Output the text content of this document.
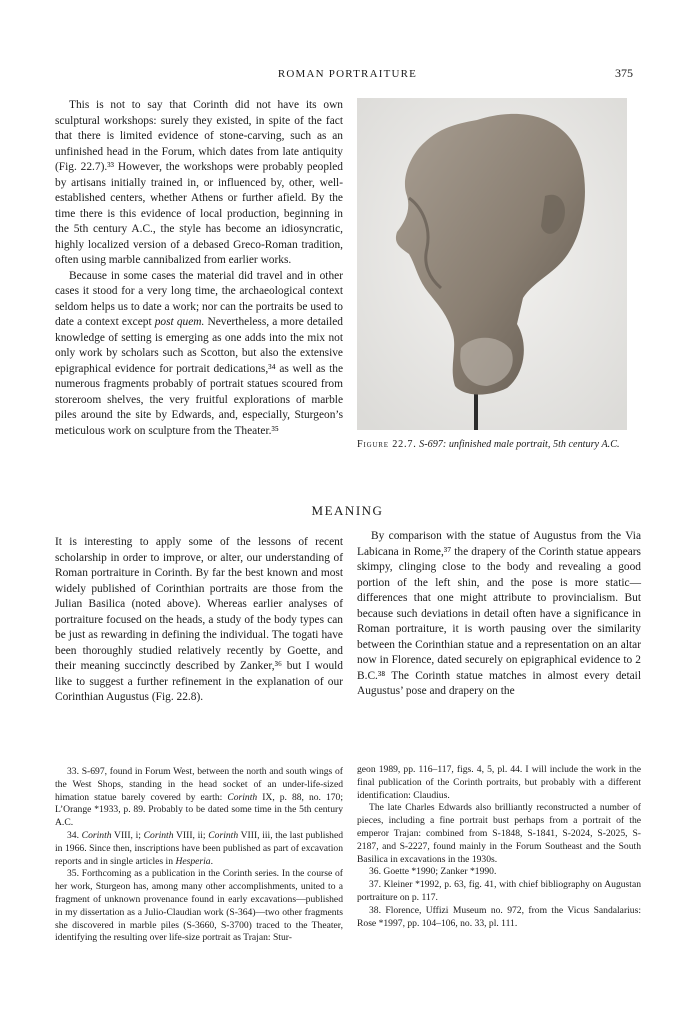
ROMAN PORTRAITURE	375

This is not to say that Corinth did not have its own sculptural workshops: surely they existed, in spite of the fact that there is limited evidence of stone-carving, such as an unfinished head in the Forum, which dates from late antiquity (Fig. 22.7).³³ However, the workshops were probably peopled by artisans initially trained in, or influenced by, other, well-established centers, whether Athens or further afield. By the time there is this evidence of local production, beginning in the 5th century A.C., the style has become an idiosyncratic, highly localized version of a debased Greco-Roman tradition, often using marble cannibalized from earlier works.

Because in some cases the material did travel and in other cases it stood for a very long time, the archaeological context seldom helps us to date a work; nor can the portraits be used to date a context except post quem. Nevertheless, a more detailed knowledge of setting is emerging as one adds into the mix not only work by scholars such as Scotton, but also the extensive epigraphical evidence for portrait dedications,³⁴ as well as the numerous fragments probably of portrait statues scoured from storeroom shelves, the very fruitful explorations of marble piles around the site by Edwards, and, especially, Sturgeon’s meticulous work on sculpture from the Theater.³⁵

Figure 22.7. S-697: unfinished male portrait, 5th century A.C.
MEANING

It is interesting to apply some of the lessons of recent scholarship in order to improve, or alter, our understanding of Roman portraiture in Corinth. By far the best known and most widely published of Corinthian portraits are those from the Julian Basilica (noted above). Whereas earlier analyses of portraiture focused on the heads, a study of the body types can be just as rewarding in defining the individual. The togati have been thoroughly studied relatively recently by Goette, and their meaning succinctly described by Zanker,³⁶ but I would like to suggest a further refinement in the explanation of our Corinthian Augustus (Fig. 22.8).

By comparison with the statue of Augustus from the Via Labicana in Rome,³⁷ the drapery of the Corinth statue appears skimpy, clinging close to the body and revealing a good portion of the left shin, and the pose is more static—differences that one might attribute to provincialism. But because such deviations in detail often have a significance in Roman portraiture, it is worth pausing over the similarity between the Corinthian statue and a representation on an altar now in Florence, dated securely on epigraphical evidence to 2 B.C.³⁸ The Corinth statue matches in almost every detail Augustus’ pose and drapery on the

33. S-697, found in Forum West, between the north and south wings of the West Shops, standing in the head socket of an under-life-sized himation statue barely covered by earth: Corinth IX, p. 88, no. 170; L’Orange *1933, p. 89. Probably to be dated some time in the 5th century A.C.

34. Corinth VIII, i; Corinth VIII, ii; Corinth VIII, iii, the last published in 1966. Since then, inscriptions have been published as part of excavation reports and in single articles in Hesperia.

35. Forthcoming as a publication in the Corinth series. In the course of her work, Sturgeon has, among many other accomplishments, united to a fragment of unknown provenance found in early excavations—published in my dissertation as a Julio-Claudian work (S-364)—two other fragments she discovered in marble piles (S-3660, S-3700) traced to the Theater, identifying the resulting over life-size portrait as Trajan: Stur-

geon 1989, pp. 116–117, figs. 4, 5, pl. 44. I will include the work in the final publication of the Corinth portraits, but probably with a different identification: Claudius.

The late Charles Edwards also brilliantly reconstructed a number of pieces, including a fine portrait bust perhaps from a portrait of the emperor Trajan: combined from S-1848, S-1841, S-2024, S-2025, S-2187, and S-2227, found mainly in the Forum Southeast and the South Basilica in excavations in the 1930s.

36. Goette *1990; Zanker *1990.

37. Kleiner *1992, p. 63, fig. 41, with chief bibliography on Augustan portraiture on p. 117.

38. Florence, Uffizi Museum no. 972, from the Vicus Sandalarius: Rose *1997, pp. 104–106, no. 33, pl. 111.
